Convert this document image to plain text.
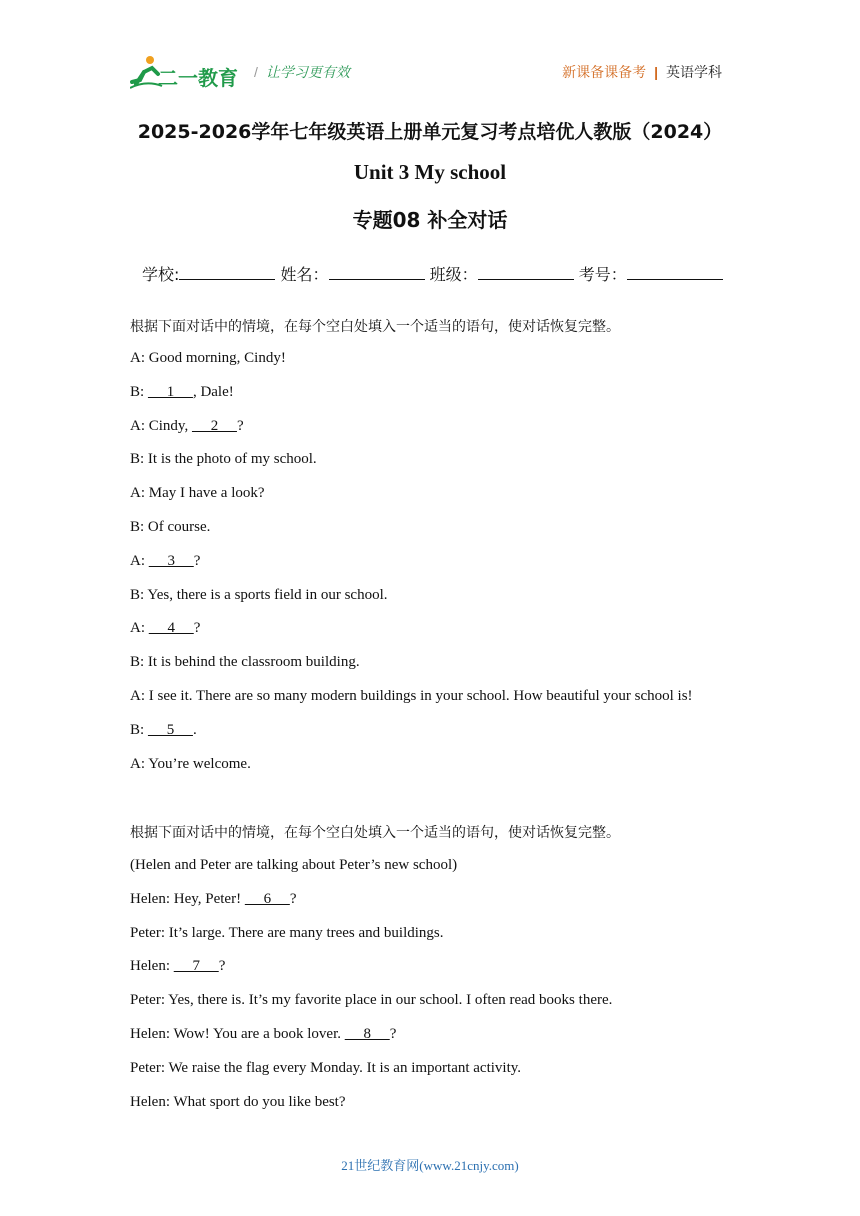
二一教育 / 让学习更有效	新课备课备考 | 英语学科
2025-2026学年七年级英语上册单元复习考点培优人教版（2024）
Unit 3 My school
专题08 补全对话
学校:	姓名：	班级：	考号：
根据下面对话中的情境，在每个空白处填入一个适当的语句，使对话恢复完整。
A: Good morning, Cindy!
B:      1     , Dale!
A: Cindy,      2     ?
B: It is the photo of my school.
A: May I have a look?
B: Of course.
A:      3     ?
B: Yes, there is a sports field in our school.
A:      4     ?
B: It is behind the classroom building.
A: I see it. There are so many modern buildings in your school. How beautiful your school is!
B:      5     .
A: You’re welcome.
根据下面对话中的情境，在每个空白处填入一个适当的语句，使对话恢复完整。
(Helen and Peter are talking about Peter’s new school)
Helen: Hey, Peter!      6     ?
Peter: It’s large. There are many trees and buildings.
Helen:      7     ?
Peter: Yes, there is. It’s my favorite place in our school. I often read books there.
Helen: Wow! You are a book lover.      8     ?
Peter: We raise the flag every Monday. It is an important activity.
Helen: What sport do you like best?
21世纪教育网(www.21cnjy.com)
